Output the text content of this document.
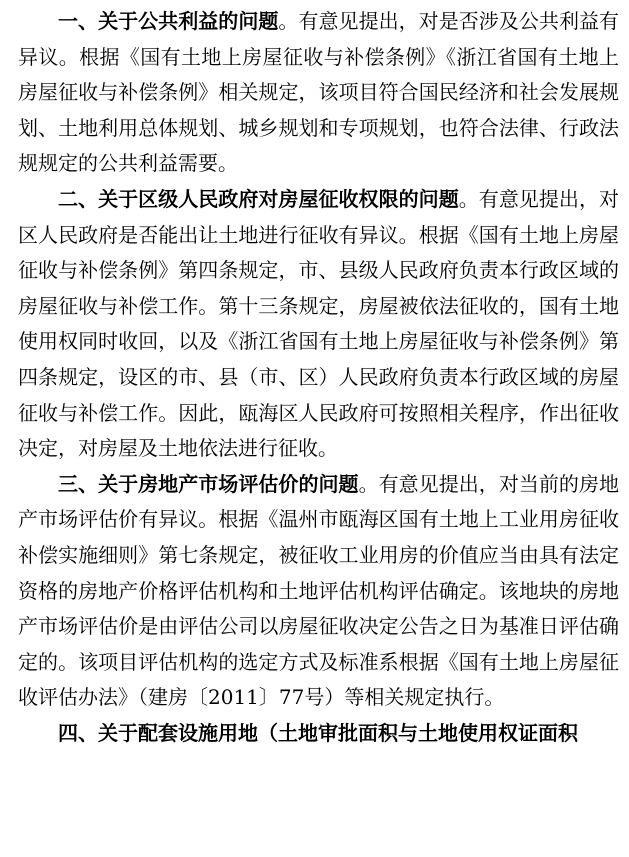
一、关于公共利益的问题。有意见提出，对是否涉及公共利益有异议。根据《国有土地上房屋征收与补偿条例》《浙江省国有土地上房屋征收与补偿条例》相关规定，该项目符合国民经济和社会发展规划、土地利用总体规划、城乡规划和专项规划，也符合法律、行政法规规定的公共利益需要。

二、关于区级人民政府对房屋征收权限的问题。有意见提出，对区人民政府是否能出让土地进行征收有异议。根据《国有土地上房屋征收与补偿条例》第四条规定，市、县级人民政府负责本行政区域的房屋征收与补偿工作。第十三条规定，房屋被依法征收的，国有土地使用权同时收回，以及《浙江省国有土地上房屋征收与补偿条例》第四条规定，设区的市、县（市、区）人民政府负责本行政区域的房屋征收与补偿工作。因此，瓯海区人民政府可按照相关程序，作出征收决定，对房屋及土地依法进行征收。

三、关于房地产市场评估价的问题。有意见提出，对当前的房地产市场评估价有异议。根据《温州市瓯海区国有土地上工业用房征收补偿实施细则》第七条规定，被征收工业用房的价值应当由具有法定资格的房地产价格评估机构和土地评估机构评估确定。该地块的房地产市场评估价是由评估公司以房屋征收决定公告之日为基准日评估确定的。该项目评估机构的选定方式及标准系根据《国有土地上房屋征收评估办法》（建房〔2011〕77号）等相关规定执行。

四、关于配套设施用地（土地审批面积与土地使用权证面积
